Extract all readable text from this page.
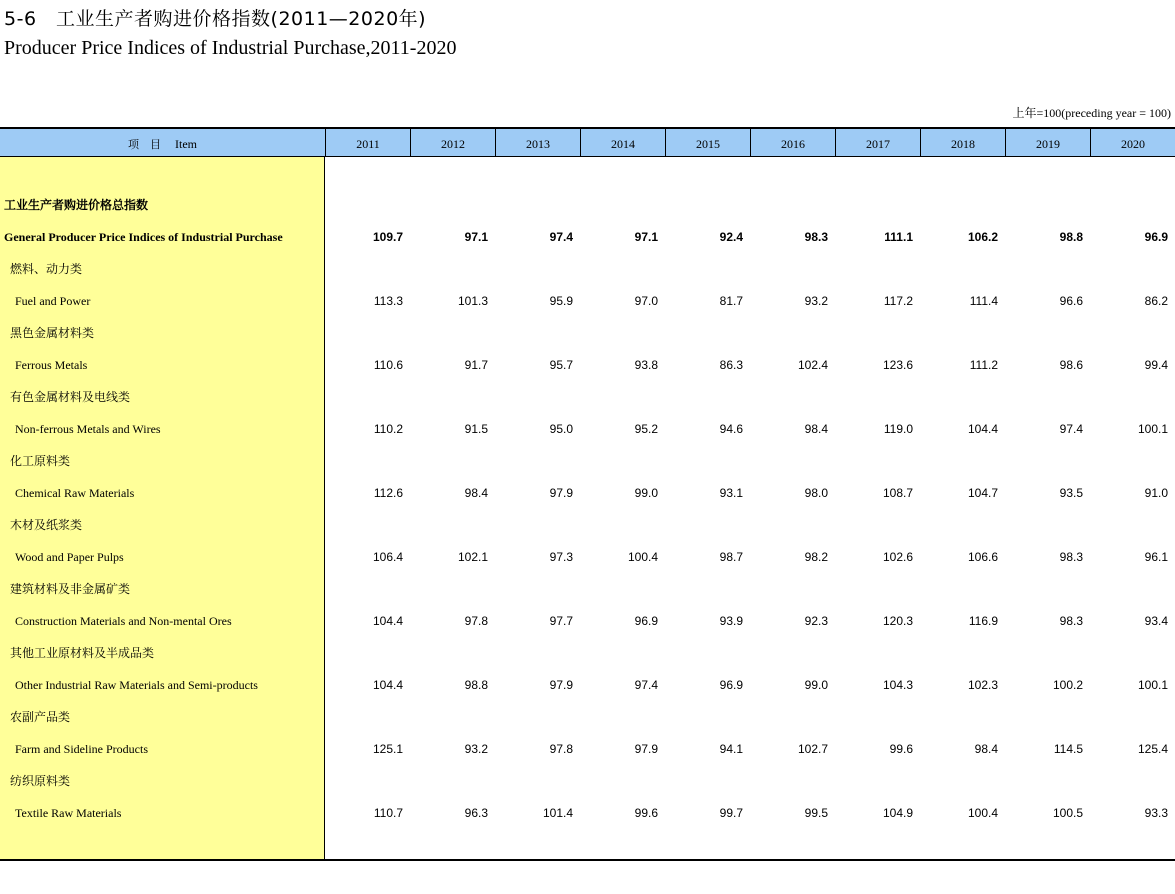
5-6　工业生产者购进价格指数(2011—2020年)
Producer Price Indices of Industrial Purchase,2011-2020
上年=100(preceding year = 100)
项　目 Item	2011	2012	2013	2014	2015	2016	2017	2018	2019	2020
工业生产者购进价格总指数
General Producer Price Indices of Industrial Purchase	109.7	97.1	97.4	97.1	92.4	98.3	111.1	106.2	98.8	96.9
燃料、动力类
Fuel and Power	113.3	101.3	95.9	97.0	81.7	93.2	117.2	111.4	96.6	86.2
黑色金属材料类
Ferrous Metals	110.6	91.7	95.7	93.8	86.3	102.4	123.6	111.2	98.6	99.4
有色金属材料及电线类
Non-ferrous Metals and Wires	110.2	91.5	95.0	95.2	94.6	98.4	119.0	104.4	97.4	100.1
化工原料类
Chemical Raw Materials	112.6	98.4	97.9	99.0	93.1	98.0	108.7	104.7	93.5	91.0
木材及纸浆类
Wood and Paper Pulps	106.4	102.1	97.3	100.4	98.7	98.2	102.6	106.6	98.3	96.1
建筑材料及非金属矿类
Construction Materials and Non-mental Ores	104.4	97.8	97.7	96.9	93.9	92.3	120.3	116.9	98.3	93.4
其他工业原材料及半成品类
Other Industrial Raw Materials and Semi-products	104.4	98.8	97.9	97.4	96.9	99.0	104.3	102.3	100.2	100.1
农副产品类
Farm and Sideline Products	125.1	93.2	97.8	97.9	94.1	102.7	99.6	98.4	114.5	125.4
纺织原料类
Textile Raw Materials	110.7	96.3	101.4	99.6	99.7	99.5	104.9	100.4	100.5	93.3
